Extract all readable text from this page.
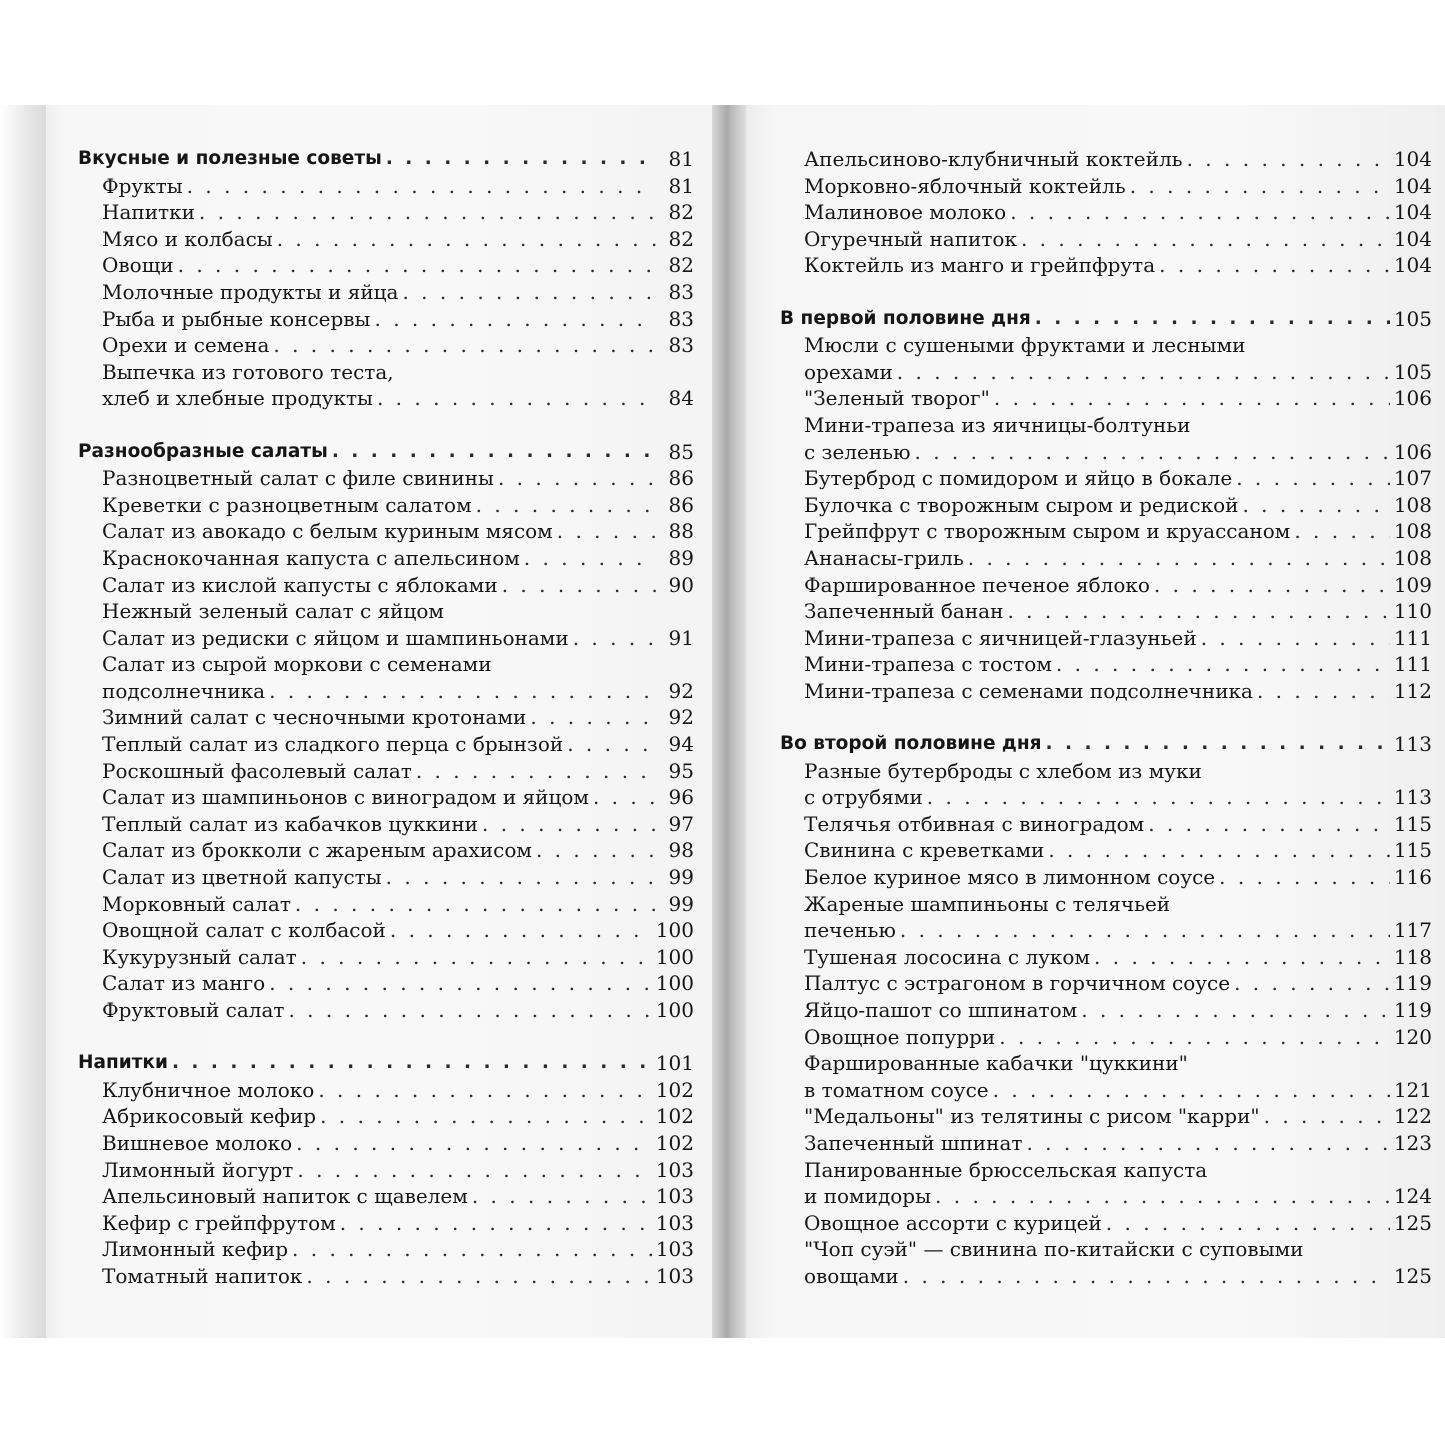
Вкусные и полезные советы . . .	81
Фрукты . . .	81
Напитки . . .	82
Мясо и колбасы . . .	82
Овощи . . .	82
Молочные продукты и яйца . . .	83
Рыба и рыбные консервы . . .	83
Орехи и семена . . .	83
Выпечка из готового теста,
хлеб и хлебные продукты . . .	84
Разнообразные салаты . . .	85
Разноцветный салат с филе свинины . . .	86
Креветки с разноцветным салатом . . .	86
Салат из авокадо с белым куриным мясом . . .	88
Краснокочанная капуста с апельсином . . .	89
Салат из кислой капусты с яблоками . . .	90
Нежный зеленый салат с яйцом
Салат из редиски с яйцом и шампиньонами . . .	91
Салат из сырой моркови с семенами
подсолнечника . . .	92
Зимний салат с чесночными кротонами . . .	92
Теплый салат из сладкого перца с брынзой . . .	94
Роскошный фасолевый салат . . .	95
Салат из шампиньонов с виноградом и яйцом . . .	96
Теплый салат из кабачков цуккини . . .	97
Салат из брокколи с жареным арахисом . . .	98
Салат из цветной капусты . . .	99
Морковный салат . . .	99
Овощной салат с колбасой . . .	100
Кукурузный салат . . .	100
Салат из манго . . .	100
Фруктовый салат . . .	100
Напитки . . .	101
Клубничное молоко . . .	102
Абрикосовый кефир . . .	102
Вишневое молоко . . .	102
Лимонный йогурт . . .	103
Апельсиновый напиток с щавелем . . .	103
Кефир с грейпфрутом . . .	103
Лимонный кефир . . .	103
Томатный напиток . . .	103
Апельсиново-клубничный коктейль . . .	104
Морковно-яблочный коктейль . . .	104
Малиновое молоко . . .	104
Огуречный напиток . . .	104
Коктейль из манго и грейпфрута . . .	104
В первой половине дня . . .	105
Мюсли с сушеными фруктами и лесными
орехами . . .	105
"Зеленый творог" . . .	106
Мини-трапеза из яичницы-болтуньи
с зеленью . . .	106
Бутерброд с помидором и яйцо в бокале . . .	107
Булочка с творожным сыром и редиской . . .	108
Грейпфрут с творожным сыром и круассаном . . .	108
Ананасы-гриль . . .	108
Фаршированное печеное яблоко . . .	109
Запеченный банан . . .	110
Мини-трапеза с яичницей-глазуньей . . .	111
Мини-трапеза с тостом . . .	111
Мини-трапеза с семенами подсолнечника . . .	112
Во второй половине дня . . .	113
Разные бутерброды с хлебом из муки
с отрубями . . .	113
Телячья отбивная с виноградом . . .	115
Свинина с креветками . . .	115
Белое куриное мясо в лимонном соусе . . .	116
Жареные шампиньоны с телячьей
печенью . . .	117
Тушеная лососина с луком . . .	118
Палтус с эстрагоном в горчичном соусе . . .	119
Яйцо-пашот со шпинатом . . .	119
Овощное попурри . . .	120
Фаршированные кабачки "цуккини"
в томатном соусе . . .	121
"Медальоны" из телятины с рисом "карри" . . .	122
Запеченный шпинат . . .	123
Панированные брюссельская капуста
и помидоры . . .	124
Овощное ассорти с курицей . . .	125
"Чоп суэй" — свинина по-китайски с суповыми
овощами . . .	125
